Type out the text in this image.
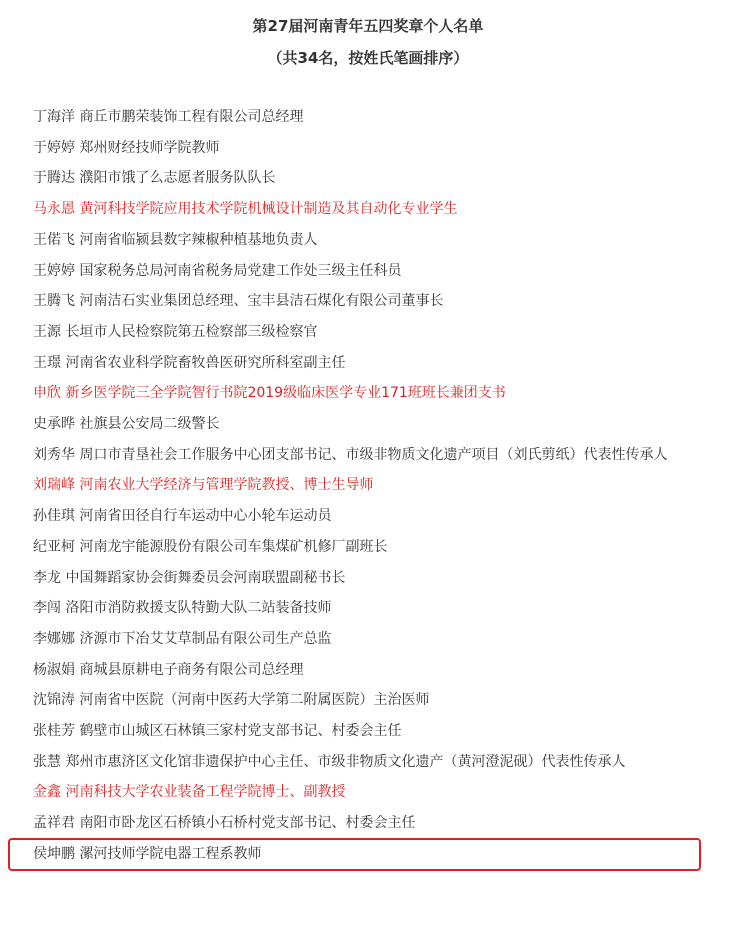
第27届河南青年五四奖章个人名单
（共34名，按姓氏笔画排序）
丁海洋 商丘市鹏荣装饰工程有限公司总经理
于婷婷 郑州财经技师学院教师
于腾达 濮阳市饿了么志愿者服务队队长
马永恩 黄河科技学院应用技术学院机械设计制造及其自动化专业学生
王偌飞 河南省临颍县数字辣椒种植基地负责人
王婷婷 国家税务总局河南省税务局党建工作处三级主任科员
王腾飞 河南洁石实业集团总经理、宝丰县洁石煤化有限公司董事长
王源 长垣市人民检察院第五检察部三级检察官
王璟 河南省农业科学院畜牧兽医研究所科室副主任
申欣 新乡医学院三全学院智行书院2019级临床医学专业171班班长兼团支书
史承晔 社旗县公安局二级警长
刘秀华 周口市青垦社会工作服务中心团支部书记、市级非物质文化遗产项目（刘氏剪纸）代表性传承人
刘瑞峰 河南农业大学经济与管理学院教授、博士生导师
孙佳琪 河南省田径自行车运动中心小轮车运动员
纪亚柯 河南龙宇能源股份有限公司车集煤矿机修厂副班长
李龙 中国舞蹈家协会街舞委员会河南联盟副秘书长
李闯 洛阳市消防救援支队特勤大队二站装备技师
李娜娜 济源市下冶艾艾草制品有限公司生产总监
杨淑娟 商城县原耕电子商务有限公司总经理
沈锦涛 河南省中医院（河南中医药大学第二附属医院）主治医师
张桂芳 鹤壁市山城区石林镇三家村党支部书记、村委会主任
张慧 郑州市惠济区文化馆非遗保护中心主任、市级非物质文化遗产（黄河澄泥砚）代表性传承人
金鑫 河南科技大学农业装备工程学院博士、副教授
孟祥君 南阳市卧龙区石桥镇小石桥村党支部书记、村委会主任
侯坤鹏 漯河技师学院电器工程系教师
